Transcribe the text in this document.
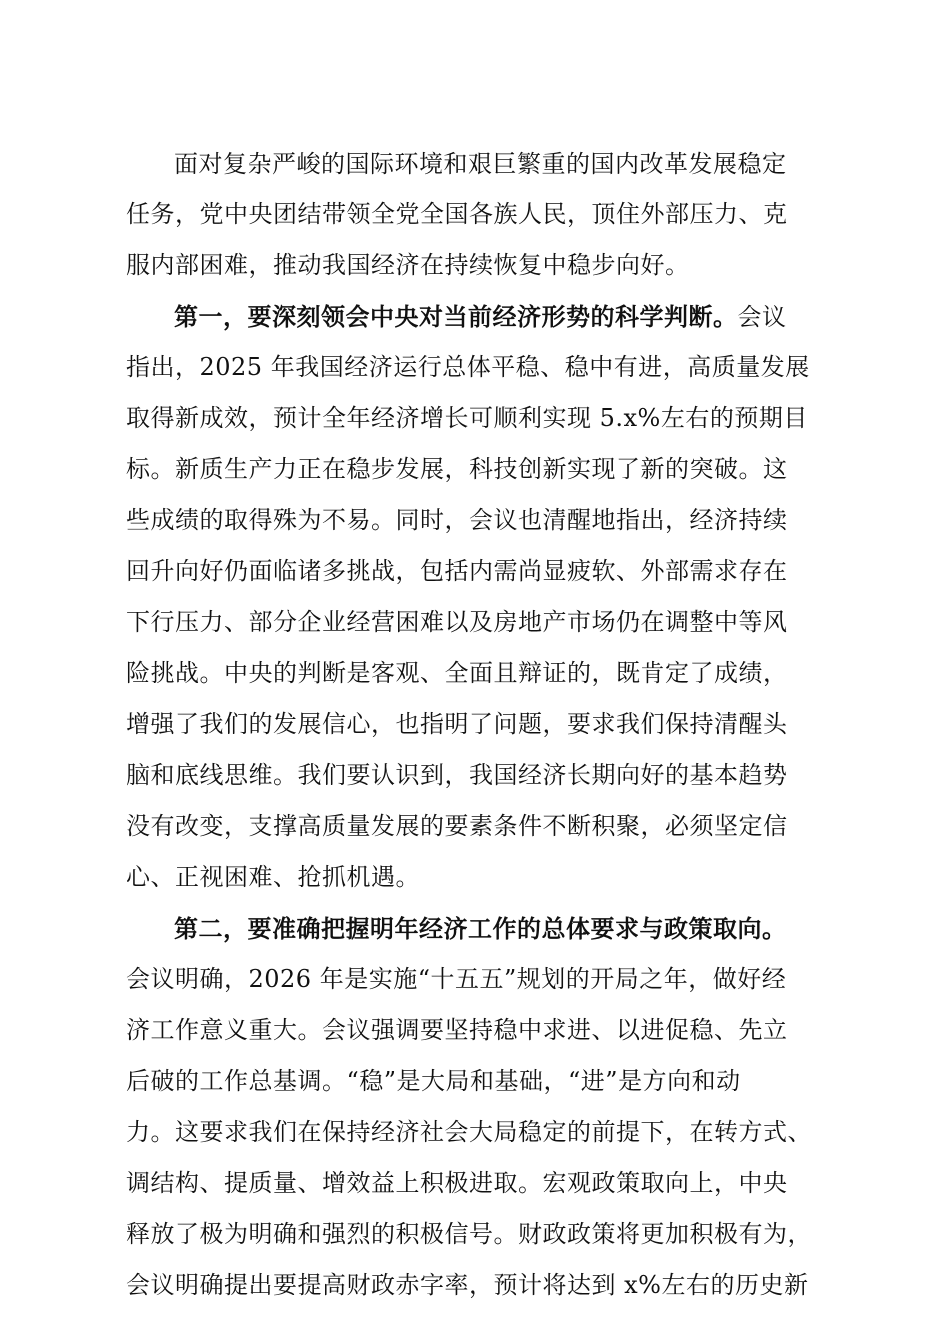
面对复杂严峻的国际环境和艰巨繁重的国内改革发展稳定
任务，党中央团结带领全党全国各族人民，顶住外部压力、克
服内部困难，推动我国经济在持续恢复中稳步向好。
第一，要深刻领会中央对当前经济形势的科学判断。会议
指出，2025 年我国经济运行总体平稳、稳中有进，高质量发展
取得新成效，预计全年经济增长可顺利实现 5.x%左右的预期目
标。新质生产力正在稳步发展，科技创新实现了新的突破。这
些成绩的取得殊为不易。同时，会议也清醒地指出，经济持续
回升向好仍面临诸多挑战，包括内需尚显疲软、外部需求存在
下行压力、部分企业经营困难以及房地产市场仍在调整中等风
险挑战。中央的判断是客观、全面且辩证的，既肯定了成绩，
增强了我们的发展信心，也指明了问题，要求我们保持清醒头
脑和底线思维。我们要认识到，我国经济长期向好的基本趋势
没有改变，支撑高质量发展的要素条件不断积聚，必须坚定信
心、正视困难、抢抓机遇。
第二，要准确把握明年经济工作的总体要求与政策取向。
会议明确，2026 年是实施“十五五”规划的开局之年，做好经
济工作意义重大。会议强调要坚持稳中求进、以进促稳、先立
后破的工作总基调。“稳”是大局和基础，“进”是方向和动
力。这要求我们在保持经济社会大局稳定的前提下，在转方式、
调结构、提质量、增效益上积极进取。宏观政策取向上，中央
释放了极为明确和强烈的积极信号。财政政策将更加积极有为，
会议明确提出要提高财政赤字率，预计将达到 x%左右的历史新
